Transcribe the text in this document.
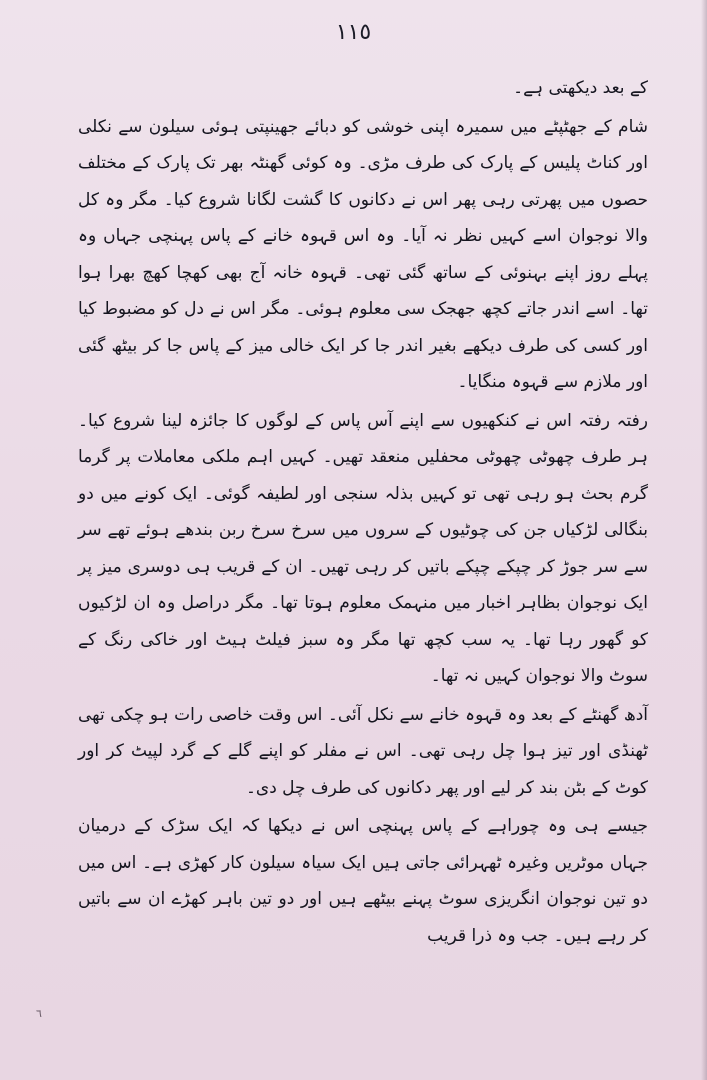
١١٥

کے بعد دیکھتی ہے۔

شام کے جھٹپٹے میں سمیرہ اپنی خوشی کو دبائے جھینپتی ہوئی سیلون سے نکلی اور کناٹ پلیس کے پارک کی طرف مڑی۔ وہ کوئی گھنٹہ بھر تک پارک کے مختلف حصوں میں پھرتی رہی پھر اس نے دکانوں کا گشت لگانا شروع کیا۔ مگر وہ کل والا نوجوان اسے کہیں نظر نہ آیا۔ وہ اس قہوہ خانے کے پاس پہنچی جہاں وہ پہلے روز اپنے بہنوئی کے ساتھ گئی تھی۔ قہوہ خانہ آج بھی کھچا کھچ بھرا ہوا تھا۔ اسے اندر جاتے کچھ جھجک سی معلوم ہوئی۔ مگر اس نے دل کو مضبوط کیا اور کسی کی طرف دیکھے بغیر اندر جا کر ایک خالی میز کے پاس جا کر بیٹھ گئی اور ملازم سے قہوہ منگایا۔

رفتہ رفتہ اس نے کنکھیوں سے اپنے آس پاس کے لوگوں کا جائزہ لینا شروع کیا۔ ہر طرف چھوٹی چھوٹی محفلیں منعقد تھیں۔ کہیں اہم ملکی معاملات پر گرما گرم بحث ہو رہی تھی تو کہیں بذلہ سنجی اور لطیفہ گوئی۔ ایک کونے میں دو بنگالی لڑکیاں جن کی چوٹیوں کے سروں میں سرخ سرخ ربن بندھے ہوئے تھے سر سے سر جوڑ کر چپکے چپکے باتیں کر رہی تھیں۔ ان کے قریب ہی دوسری میز پر ایک نوجوان بظاہر اخبار میں منہمک معلوم ہوتا تھا۔ مگر دراصل وہ ان لڑکیوں کو گھور رہا تھا۔ یہ سب کچھ تھا مگر وہ سبز فیلٹ ہیٹ اور خاکی رنگ کے سوٹ والا نوجوان کہیں نہ تھا۔

آدھ گھنٹے کے بعد وہ قہوہ خانے سے نکل آئی۔ اس وقت خاصی رات ہو چکی تھی ٹھنڈی اور تیز ہوا چل رہی تھی۔ اس نے مفلر کو اپنے گلے کے گرد لپیٹ کر اور کوٹ کے بٹن بند کر لیے اور پھر دکانوں کی طرف چل دی۔

جیسے ہی وہ چوراہے کے پاس پہنچی اس نے دیکھا کہ ایک سڑک کے درمیان جہاں موٹریں وغیرہ ٹھہرائی جاتی ہیں ایک سیاہ سیلون کار کھڑی ہے۔ اس میں دو تین نوجوان انگریزی سوٹ پہنے بیٹھے ہیں اور دو تین باہر کھڑے ان سے باتیں کر رہے ہیں۔ جب وہ ذرا قریب

٦
